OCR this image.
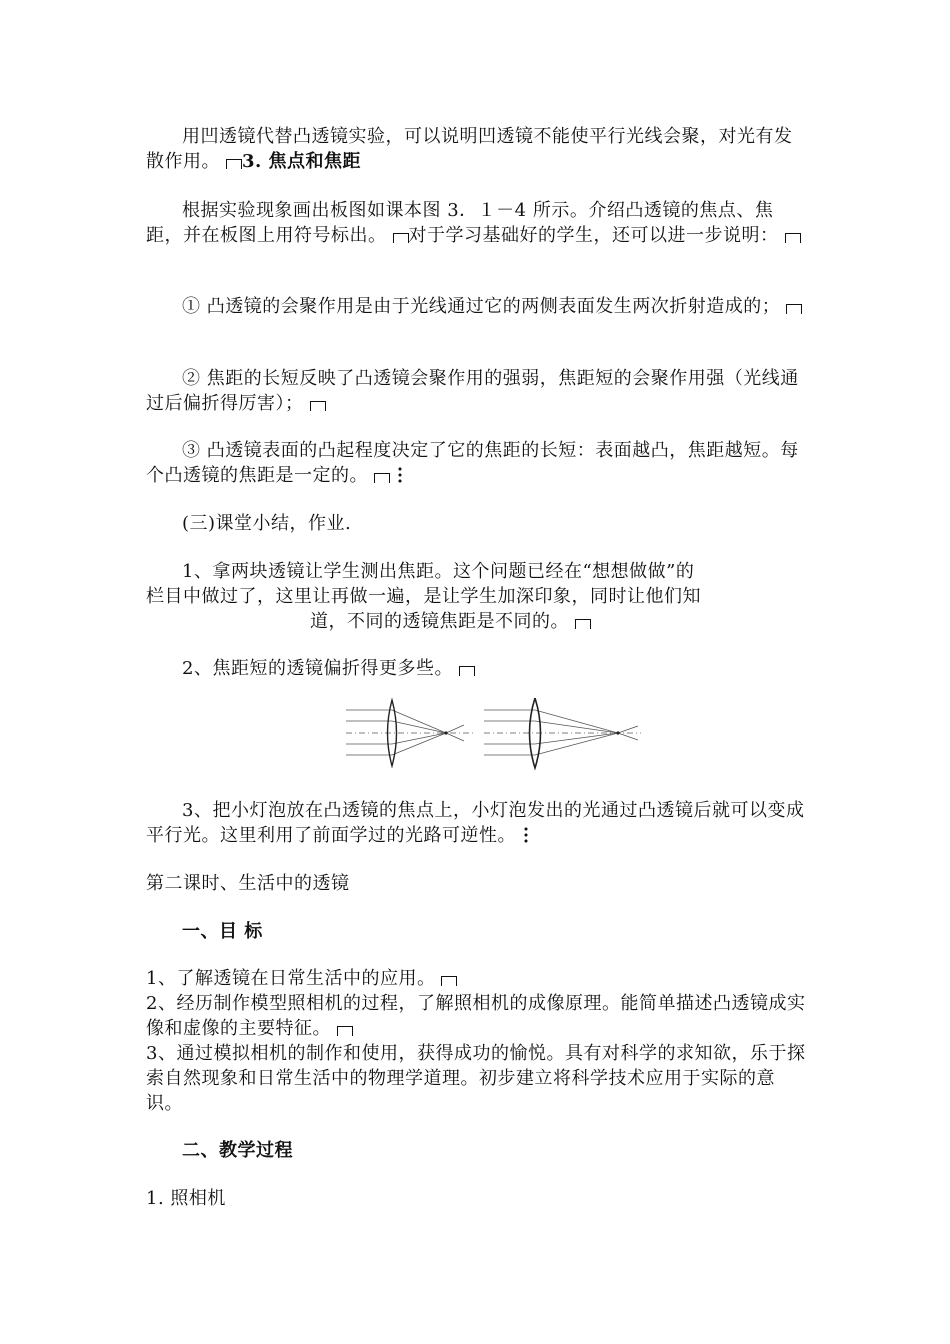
用凹透镜代替凸透镜实验，可以说明凹透镜不能使平行光线会聚，对光有发散作用。 3. 焦点和焦距
根据实验现象画出板图如课本图 3．１－4 所示。介绍凸透镜的焦点、焦距，并在板图上用符号标出。 对于学习基础好的学生，还可以进一步说明：
① 凸透镜的会聚作用是由于光线通过它的两侧表面发生两次折射造成的；
② 焦距的长短反映了凸透镜会聚作用的强弱，焦距短的会聚作用强（光线通过后偏折得厉害）；
③ 凸透镜表面的凸起程度决定了它的焦距的长短：表面越凸，焦距越短。每个凸透镜的焦距是一定的。
(三)课堂小结，作业.
1、拿两块透镜让学生测出焦距。这个问题已经在“想想做做”的
栏目中做过了，这里让再做一遍，是让学生加深印象，同时让他们知
道，不同的透镜焦距是不同的。
2、焦距短的透镜偏折得更多些。
3、把小灯泡放在凸透镜的焦点上，小灯泡发出的光通过凸透镜后就可以变成平行光。这里利用了前面学过的光路可逆性。
第二课时、生活中的透镜
一、目 标
1、了解透镜在日常生活中的应用。
2、经历制作模型照相机的过程，了解照相机的成像原理。能简单描述凸透镜成实像和虚像的主要特征。
3、通过模拟相机的制作和使用，获得成功的愉悦。具有对科学的求知欲，乐于探索自然现象和日常生活中的物理学道理。初步建立将科学技术应用于实际的意识。
二、教学过程
1. 照相机
